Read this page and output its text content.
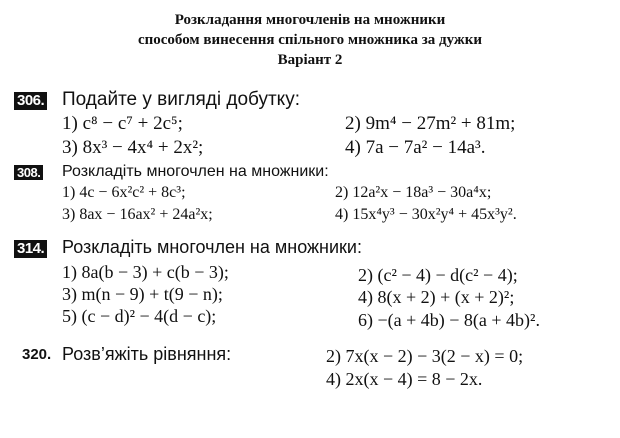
Розкладання многочленів на множники
способом винесення спільного множника за дужки
Варіант 2
306. Подайте у вигляді добутку:
1) c⁸ − c⁷ + 2c⁵;	2) 9m⁴ − 27m² + 81m;
3) 8x³ − 4x⁴ + 2x²;	4) 7a − 7a² − 14a³.
308. Розкладіть многочлен на множники:
1) 4c − 6x²c² + 8c³;	2) 12a²x − 18a³ − 30a⁴x;
3) 8ax − 16ax² + 24a²x;	4) 15x⁴y³ − 30x²y⁴ + 45x³y².
314. Розкладіть многочлен на множники:
1) 8a(b − 3) + c(b − 3);	2) (c² − 4) − d(c² − 4);
3) m(n − 9) + t(9 − n);	4) 8(x + 2) + (x + 2)²;
5) (c − d)² − 4(d − c);	6) −(a + 4b) − 8(a + 4b)².
320. Розв’яжіть рівняння:	2) 7x(x − 2) − 3(2 − x) = 0;
4) 2x(x − 4) = 8 − 2x.
